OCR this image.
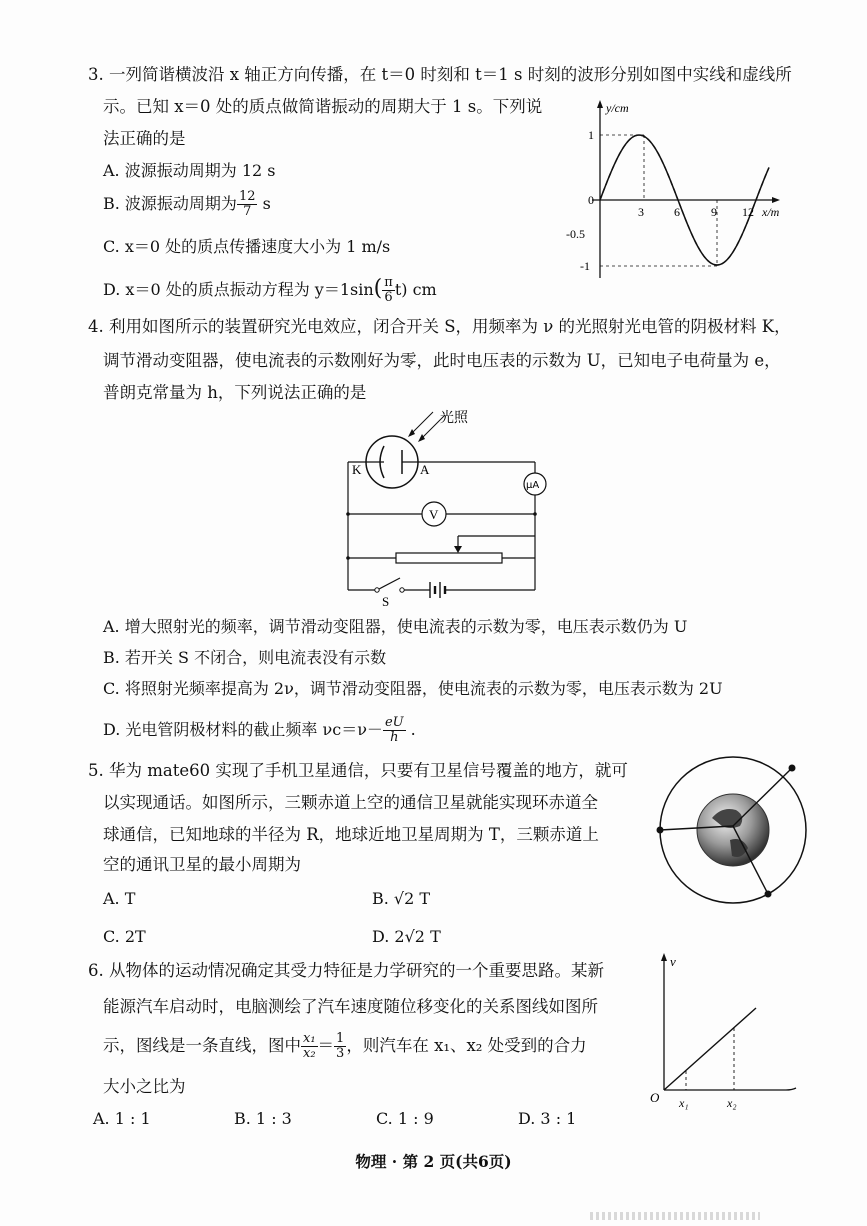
3. 一列简谐横波沿 x 轴正方向传播，在 t＝0 时刻和 t＝1 s 时刻的波形分别如图中实线和虚线所
示。已知 x＝0 处的质点做简谐振动的周期大于 1 s。下列说
法正确的是
A. 波源振动周期为 12 s
B. 波源振动周期为 $\frac{12}{7}$ s
C. x＝0 处的质点传播速度大小为 1 m/s
D. x＝0 处的质点振动方程为 $y=1\sin( \frac{\pi}{6} t)$ cm
y/cm
x/m
1
0
-0.5
-1
3	6	9 12
4. 利用如图所示的装置研究光电效应，闭合开关 S，用频率为 ν 的光照射光电管的阴极材料 K，
调节滑动变阻器，使电流表的示数刚好为零，此时电压表的示数为 U，已知电子电荷量为 e，
普朗克常量为 h，下列说法正确的是
光照
K	A
μA
V
S
A. 增大照射光的频率，调节滑动变阻器，使电流表的示数为零，电压表示数仍为 U
B. 若开关 S 不闭合，则电流表没有示数
C. 将照射光频率提高为 2ν，调节滑动变阻器，使电流表的示数为零，电压表示数为 2U
D. 光电管阴极材料的截止频率 $\nu c=\nu- \frac{eU}{h}$ .
5. 华为 mate60 实现了手机卫星通信，只要有卫星信号覆盖的地方，就可
以实现通话。如图所示，三颗赤道上空的通信卫星就能实现环赤道全
球通信，已知地球的半径为 R，地球近地卫星周期为 T，三颗赤道上
空的通讯卫星的最小周期为
A. T	B. √2 T
C. 2T	D. 2√2 T
6. 从物体的运动情况确定其受力特征是力学研究的一个重要思路。某新
能源汽车启动时，电脑测绘了汽车速度随位移变化的关系图线如图所
示，图线是一条直线，图中 $\frac{\text{x₁}}{\text{x₂}} = \frac{1}{3}$ ，则汽车在 x₁、x₂ 处受到的合力
大小之比为
A. 1 : 1	B. 1 : 3	C. 1 : 9	D. 3 : 1
v
O x₁	x₂
物理 · 第 2 页(共6页)
